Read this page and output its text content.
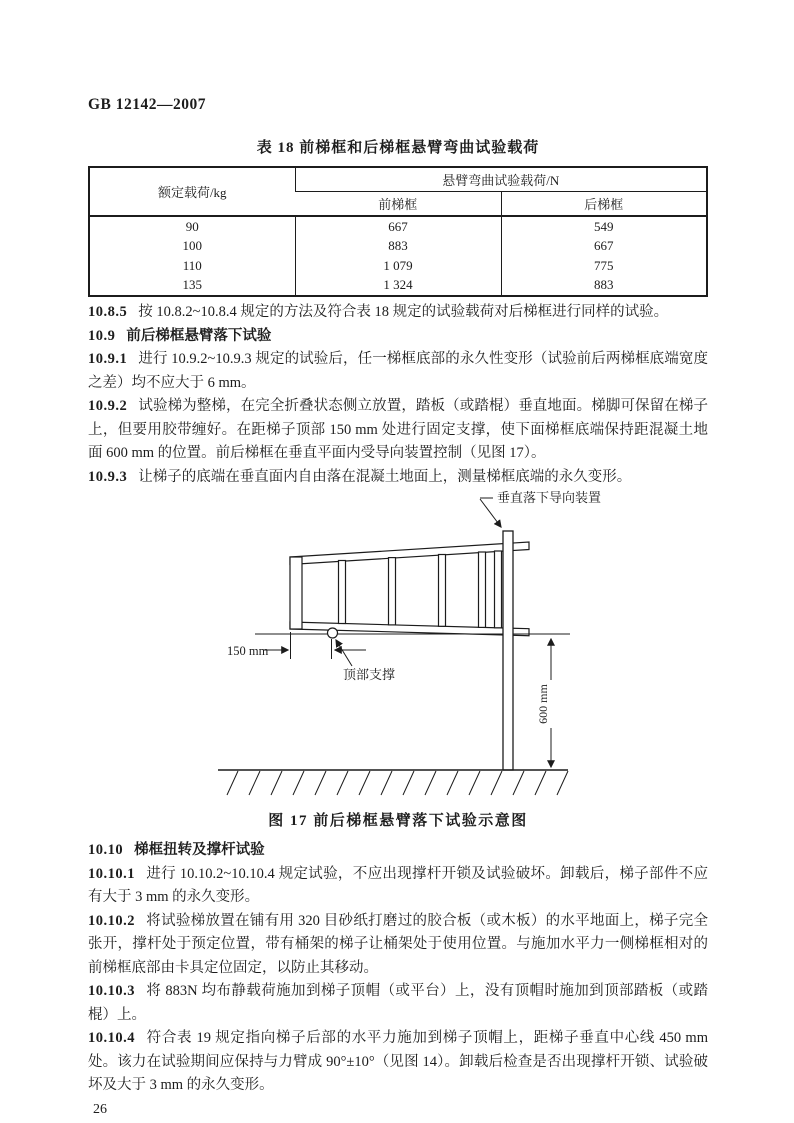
GB 12142—2007
表 18 前梯框和后梯框悬臂弯曲试验载荷
额定载荷/kg	悬臂弯曲试验载荷/N	
	前梯框	后梯框
90	667	549
100	883	667
110	1 079	775
135	1 324	883

10.8.5 按 10.8.2~10.8.4 规定的方法及符合表 18 规定的试验载荷对后梯框进行同样的试验。

10.9 前后梯框悬臂落下试验

10.9.1 进行 10.9.2~10.9.3 规定的试验后，任一梯框底部的永久性变形（试验前后两梯框底端宽度之差）均不应大于 6 mm。

10.9.2 试验梯为整梯，在完全折叠状态侧立放置，踏板（或踏棍）垂直地面。梯脚可保留在梯子上，但要用胶带缠好。在距梯子顶部 150 mm 处进行固定支撑，使下面梯框底端保持距混凝土地面 600 mm 的位置。前后梯框在垂直平面内受导向装置控制（见图 17）。

10.9.3 让梯子的底端在垂直面内自由落在混凝土地面上，测量梯框底端的永久变形。

150 mm
顶部支撑
垂直落下导向装置
600 mm
图 17 前后梯框悬臂落下试验示意图

10.10 梯框扭转及撑杆试验

10.10.1 进行 10.10.2~10.10.4 规定试验，不应出现撑杆开锁及试验破坏。卸载后，梯子部件不应有大于 3 mm 的永久变形。

10.10.2 将试验梯放置在铺有用 320 目砂纸打磨过的胶合板（或木板）的水平地面上，梯子完全张开，撑杆处于预定位置，带有桶架的梯子让桶架处于使用位置。与施加水平力一侧梯框相对的前梯框底部由卡具定位固定，以防止其移动。

10.10.3 将 883N 均布静载荷施加到梯子顶帽（或平台）上，没有顶帽时施加到顶部踏板（或踏棍）上。

10.10.4 符合表 19 规定指向梯子后部的水平力施加到梯子顶帽上，距梯子垂直中心线 450 mm 处。该力在试验期间应保持与力臂成 90°±10°（见图 14）。卸载后检查是否出现撑杆开锁、试验破坏及大于 3 mm 的永久变形。

26
